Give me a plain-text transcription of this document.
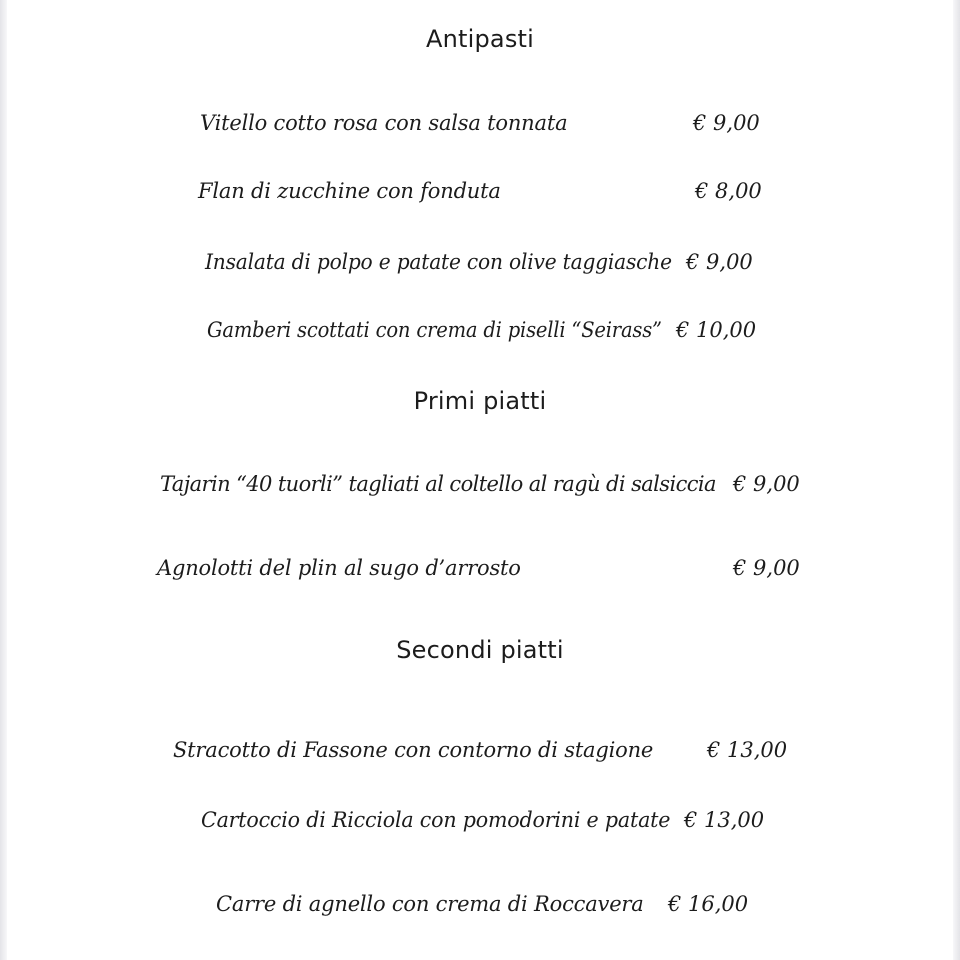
Antipasti
Vitello cotto rosa con salsa tonnata	€ 9,00
Flan di zucchine con fonduta	€ 8,00
Insalata di polpo e patate con olive taggiasche € 9,00
Gamberi scottati con crema di piselli “Seirass” € 10,00
Primi piatti
Tajarin “40 tuorli” tagliati al coltello al ragù di salsiccia € 9,00
Agnolotti del plin al sugo d’arrosto	€ 9,00
Secondi piatti
Stracotto di Fassone con contorno di stagione	€ 13,00
Cartoccio di Ricciola con pomodorini e patate € 13,00
Carre di agnello con crema di Roccavera € 16,00
